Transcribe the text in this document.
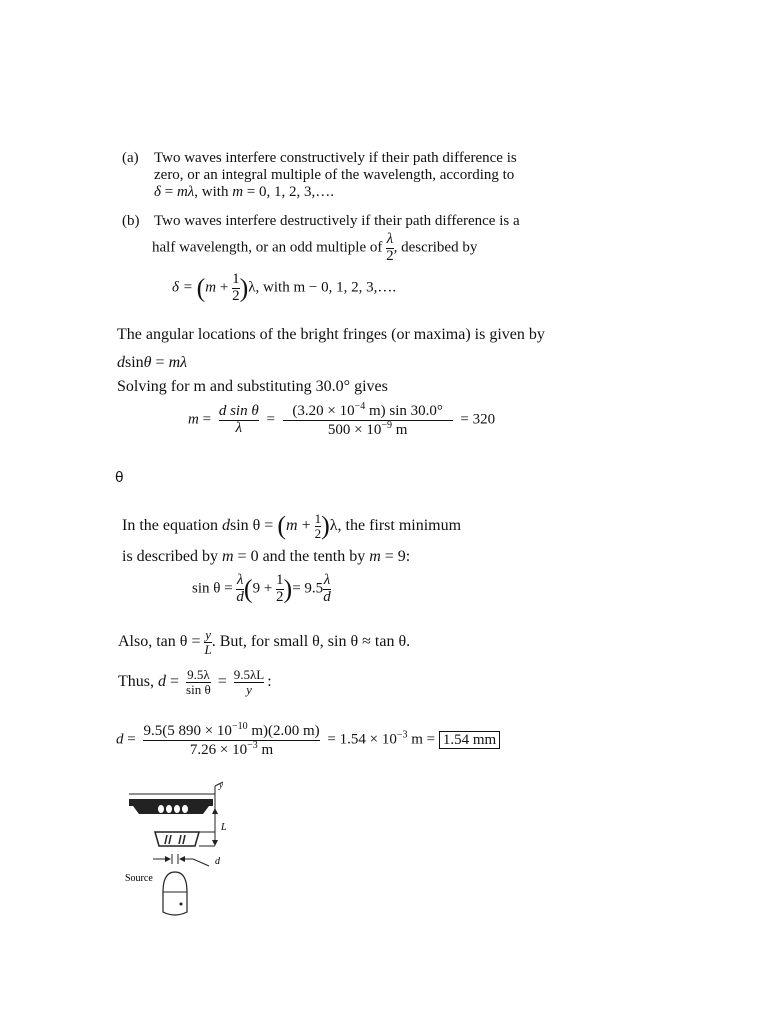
(a) Two waves interfere constructively if their path difference is
zero, or an integral multiple of the wavelength, according to
δ = mλ, with m = 0, 1, 2, 3,….
(b) Two waves interfere destructively if their path difference is a
half wavelength, or an odd multiple of $\frac{\lambda}{2}$ , described by
$\delta = (m + \frac{1}{2} )\lambda$, with m − 0, 1, 2, 3,….
The angular locations of the bright fringes (or maxima) is given by
dsinθ = mλ
Solving for m and substituting 30.0° gives
$m = \frac{\text{d sin θ}}{\lambda} = \frac{(3.20 \times 10^{-4} m) \sin 30.0^\circ}{500 \times 10^{-9} m} = 320$
θ
In the equation dsin $\theta = (m + \frac{1}{2} )\lambda$, the first minimum
is described by m = 0 and the tenth by m = 9:
$\sin \theta = \frac{\lambda}{d} (9 + \frac{1}{2}$ )= $9.5 \frac{\lambda}{d}$
Also, $\tan \theta = \frac{y}{L}$ . But, for small θ, sin θ ≈ tan θ.
Thus, $d = \frac{9.5\lambda}{\text{sin θ}} = \frac{9.5\lambda L}{y}$ :
$d = \frac{9.5(5 890 \times 10^{-10} m)(2.00 m)}{7.26 \times 10^{-3} m} = 1.54 \times 10^{-3}$ m = 1.54 mm
y
L
d
Source
